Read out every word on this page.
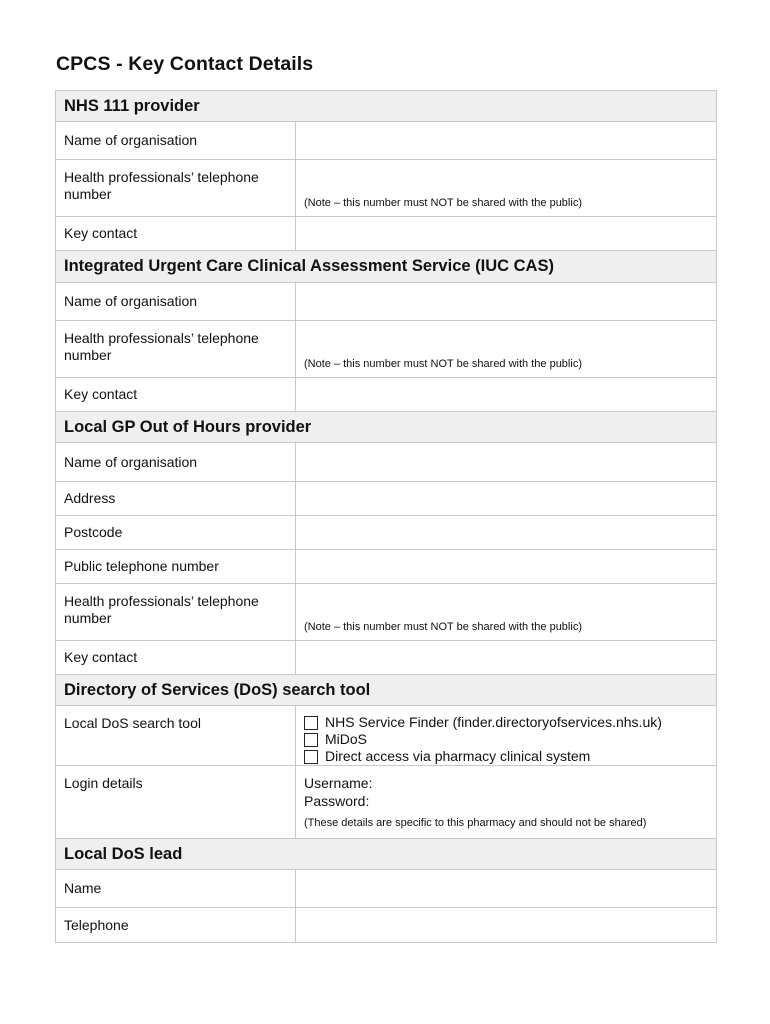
CPCS - Key Contact Details
NHS 111 provider	
Name of organisation	
Health professionals’ telephone number	(Note – this number must NOT be shared with the public)
Key contact	
Integrated Urgent Care Clinical Assessment Service (IUC CAS)	
Name of organisation	
Health professionals’ telephone number	(Note – this number must NOT be shared with the public)
Key contact	
Local GP Out of Hours provider	
Name of organisation	
Address	
Postcode	
Public telephone number	
Health professionals’ telephone number	(Note – this number must NOT be shared with the public)
Key contact	
Directory of Services (DoS) search tool	
Local DoS search tool	NHS Service Finder (finder.directoryofservices.nhs.uk)
MiDoS
Direct access via pharmacy clinical system

Login details	Username:
Password:
(These details are specific to this pharmacy and should not be shared)

Local DoS lead	
Name	
Telephone	
